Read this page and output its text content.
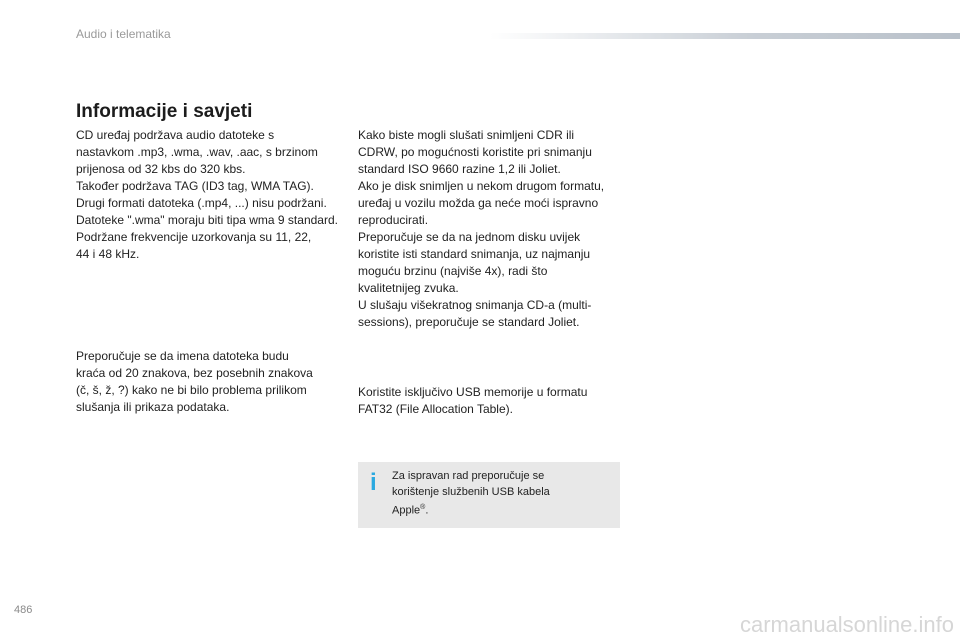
Audio i telematika
Informacije i savjeti

CD uređaj podržava audio datoteke s
nastavkom .mp3, .wma, .wav, .aac, s brzinom
prijenosa od 32 kbs do 320 kbs.
Također podržava TAG (ID3 tag, WMA TAG).
Drugi formati datoteka (.mp4, ...) nisu podržani.
Datoteke ".wma" moraju biti tipa wma 9 standard.
Podržane frekvencije uzorkovanja su 11, 22,
44 i 48 kHz.

Preporučuje se da imena datoteka budu
kraća od 20 znakova, bez posebnih znakova
(č, š, ž, ?) kako ne bi bilo problema prilikom
slušanja ili prikaza podataka.

Kako biste mogli slušati snimljeni CDR ili
CDRW, po mogućnosti koristite pri snimanju
standard ISO 9660 razine 1,2 ili Joliet.
Ako je disk snimljen u nekom drugom formatu,
uređaj u vozilu možda ga neće moći ispravno
reproducirati.
Preporučuje se da na jednom disku uvijek
koristite isti standard snimanja, uz najmanju
moguću brzinu (najviše 4x), radi što
kvalitetnijeg zvuka.
U slušaju višekratnog snimanja CD-a (multi-
sessions), preporučuje se standard Joliet.

Koristite isključivo USB memorije u formatu
FAT32 (File Allocation Table).

i Za ispravan rad preporučuje se
korištenje službenih USB kabela
Apple®.
486
carmanualsonline.info
